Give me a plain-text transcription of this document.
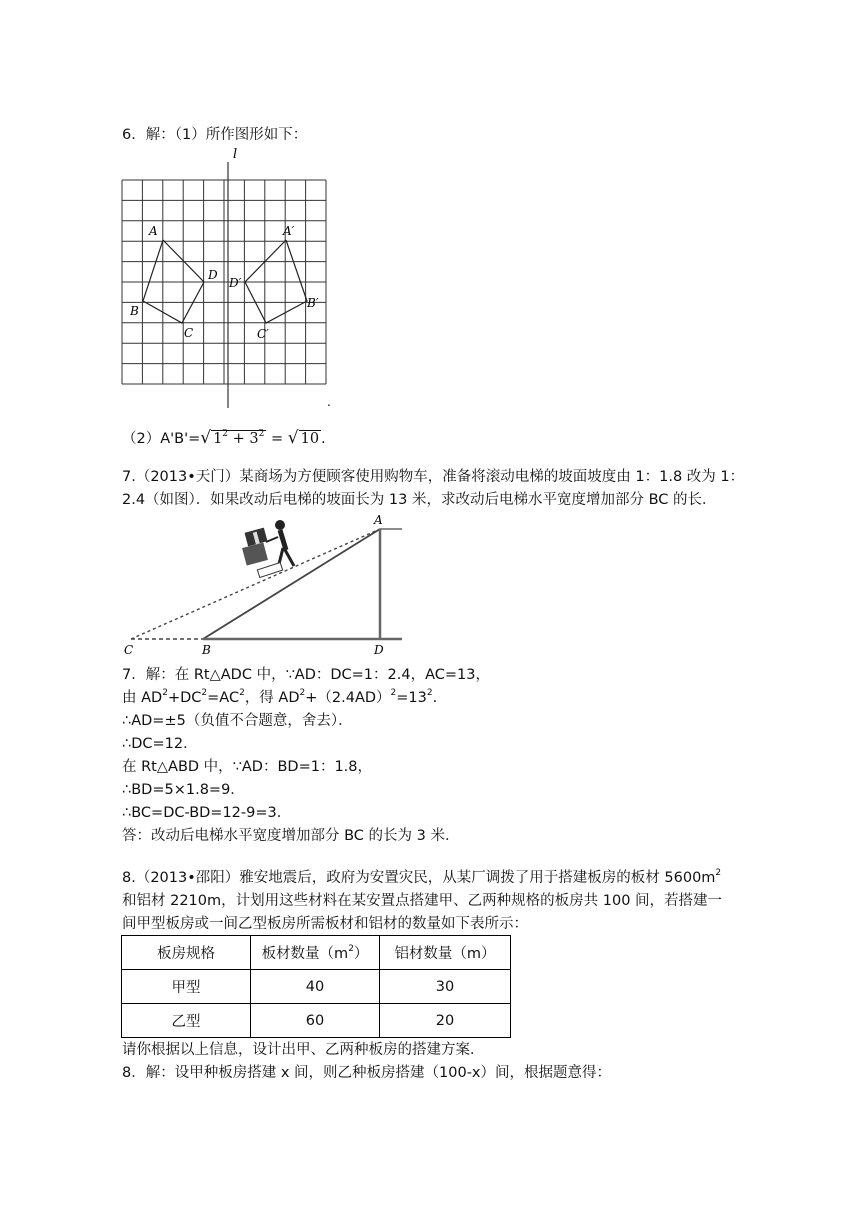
6．解：（1）所作图形如下：
l
A
B
C
D
A′
B′
C′
D′
.
（2）A'B'=√ $1^2 + 3^2$ = √ 10 .
7.（2013•天门）某商场为方便顾客使用购物车，准备将滚动电梯的坡面坡度由 1：1.8 改为 1：
2.4（如图）．如果改动后电梯的坡面长为 13 米，求改动后电梯水平宽度增加部分 BC 的长．
A
B
C	D
7．解：在 Rt△ADC 中，∵AD：DC=1：2.4，AC=13，
由 $AD^2+DC^2=AC^2$，得 $AD^2+(2.4AD)^2=13^2$.
∴AD=±5（负值不合题意，舍去）．
∴DC=12．
在 Rt△ABD 中，∵AD：BD=1：1.8，
∴BD=5×1.8=9．
∴BC=DC-BD=12-9=3．
答：改动后电梯水平宽度增加部分 BC 的长为 3 米．
8.（2013•邵阳）雅安地震后，政府为安置灾民，从某厂调拨了用于搭建板房的板材 $5600m^2$
和铝材 2210m，计划用这些材料在某安置点搭建甲、乙两种规格的板房共 100 间，若搭建一
间甲型板房或一间乙型板房所需板材和铝材的数量如下表所示：
板房规格	板材数量$(m^2)$	铝材数量（m）
甲型	40	30
乙型	60	20
请你根据以上信息，设计出甲、乙两种板房的搭建方案．
8．解：设甲种板房搭建 x 间，则乙种板房搭建（100-x）间，根据题意得：
